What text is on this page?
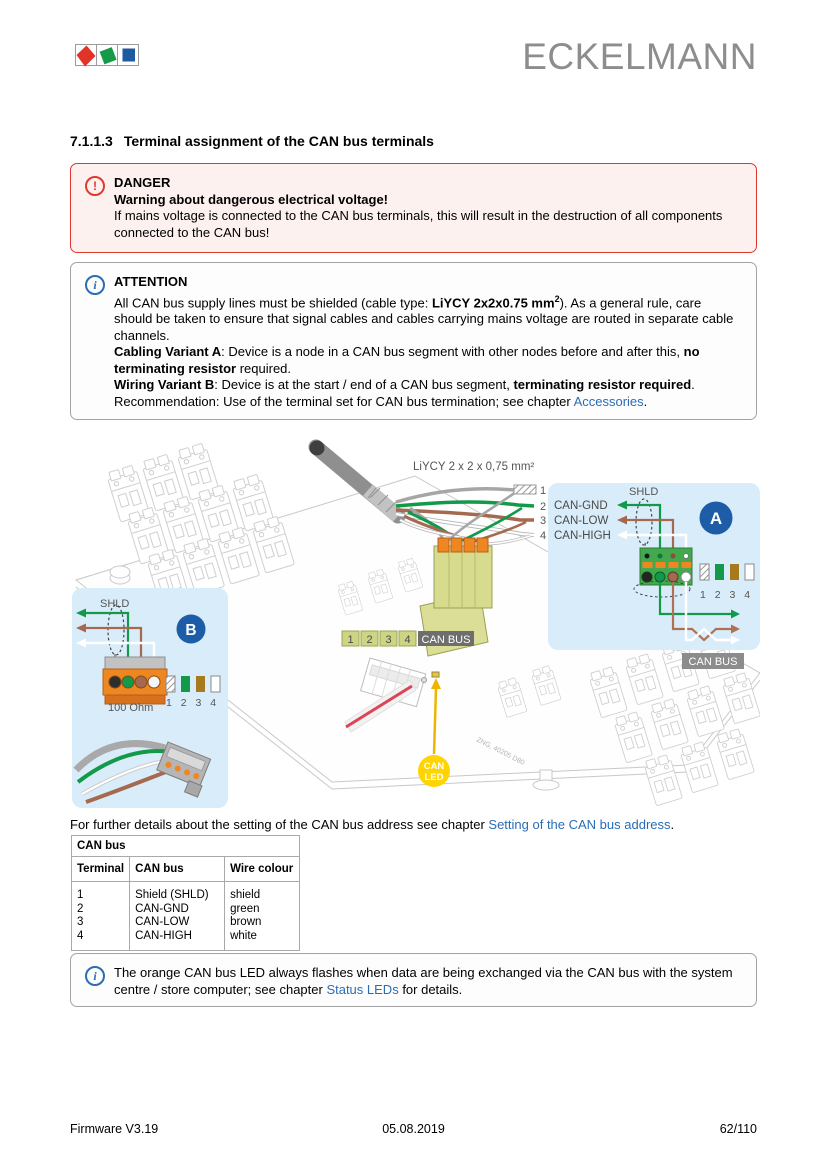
ECKELMANN
7.1.1.3 Terminal assignment of the CAN bus terminals
!	DANGER
Warning about dangerous electrical voltage!
If mains voltage is connected to the CAN bus terminals, this will result in the destruction of all components connected to the CAN bus!
i	ATTENTION
All CAN bus supply lines must be shielded (cable type: LiYCY 2x2x0.75 $mm^2$). As a general rule, care should be taken to ensure that signal cables and cables carrying mains voltage are routed in separate cable channels.
Cabling Variant A: Device is a node in a CAN bus segment with other nodes before and after this, no terminating resistor required.
Wiring Variant B: Device is at the start / end of a CAN bus segment, terminating resistor required.
Recommendation: Use of the terminal set for CAN bus termination; see chapter Accessories.
LiYCY 2 x 2 x 0,75 mm²
1
2
3
4
1 2 3 4 CAN BUS
CAN
LED
ZNG, 40205 D80
SHLD
CAN-GND
CAN-LOW
CAN-HIGH
A
1 2 3 4
CAN BUS
SHLD
B
100 Ohm 1 2 3 4

For further details about the setting of the CAN bus address see chapter Setting of the CAN bus address.

CAN bus		
Terminal	CAN bus	Wire colour
1	Shield (SHLD)	shield
2	CAN-GND	green
3	CAN-LOW	brown
4	CAN-HIGH	white
i	The orange CAN bus LED always flashes when data are being exchanged via the CAN bus with the system centre / store computer; see chapter Status LEDs for details.
Firmware V3.19	05.08.2019	62/110
